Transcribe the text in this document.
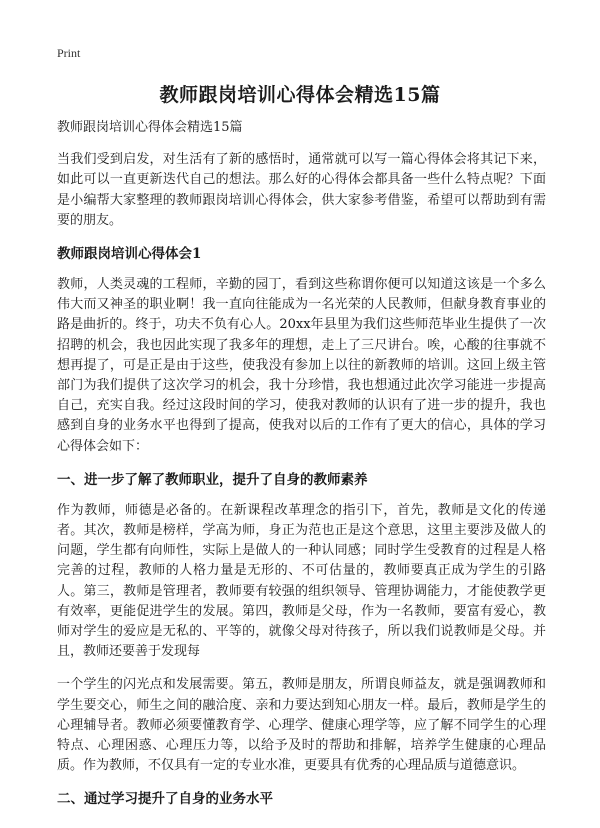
Print
教师跟岗培训心得体会精选15篇

教师跟岗培训心得体会精选15篇

当我们受到启发，对生活有了新的感悟时，通常就可以写一篇心得体会将其记下来，如此可以一直更新迭代自己的想法。那么好的心得体会都具备一些什么特点呢？下面是小编帮大家整理的教师跟岗培训心得体会，供大家参考借鉴，希望可以帮助到有需要的朋友。

教师跟岗培训心得体会1

教师，人类灵魂的工程师，辛勤的园丁，看到这些称谓你便可以知道这该是一个多么伟大而又神圣的职业啊！我一直向往能成为一名光荣的人民教师，但献身教育事业的路是曲折的。终于，功夫不负有心人。20xx年县里为我们这些师范毕业生提供了一次招聘的机会，我也因此实现了我多年的理想，走上了三尺讲台。唉，心酸的往事就不想再提了，可是正是由于这些，使我没有参加上以往的新教师的培训。这回上级主管部门为我们提供了这次学习的机会，我十分珍惜，我也想通过此次学习能进一步提高自己，充实自我。经过这段时间的学习，使我对教师的认识有了进一步的提升，我也感到自身的业务水平也得到了提高，使我对以后的工作有了更大的信心，具体的学习心得体会如下：

一、进一步了解了教师职业，提升了自身的教师素养

作为教师，师德是必备的。在新课程改革理念的指引下，首先，教师是文化的传递者。其次，教师是榜样，学高为师，身正为范也正是这个意思，这里主要涉及做人的问题，学生都有向师性，实际上是做人的一种认同感；同时学生受教育的过程是人格完善的过程，教师的人格力量是无形的、不可估量的，教师要真正成为学生的引路人。第三，教师是管理者，教师要有较强的组织领导、管理协调能力，才能使教学更有效率，更能促进学生的发展。第四，教师是父母，作为一名教师，要富有爱心，教师对学生的爱应是无私的、平等的，就像父母对待孩子，所以我们说教师是父母。并且，教师还要善于发现每

一个学生的闪光点和发展需要。第五，教师是朋友，所谓良师益友，就是强调教师和学生要交心，师生之间的融洽度、亲和力要达到知心朋友一样。最后，教师是学生的心理辅导者。教师必须要懂教育学、心理学、健康心理学等，应了解不同学生的心理特点、心理困惑、心理压力等，以给予及时的帮助和排解，培养学生健康的心理品质。作为教师，不仅具有一定的专业水准，更要具有优秀的心理品质与道德意识。

二、通过学习提升了自身的业务水平
